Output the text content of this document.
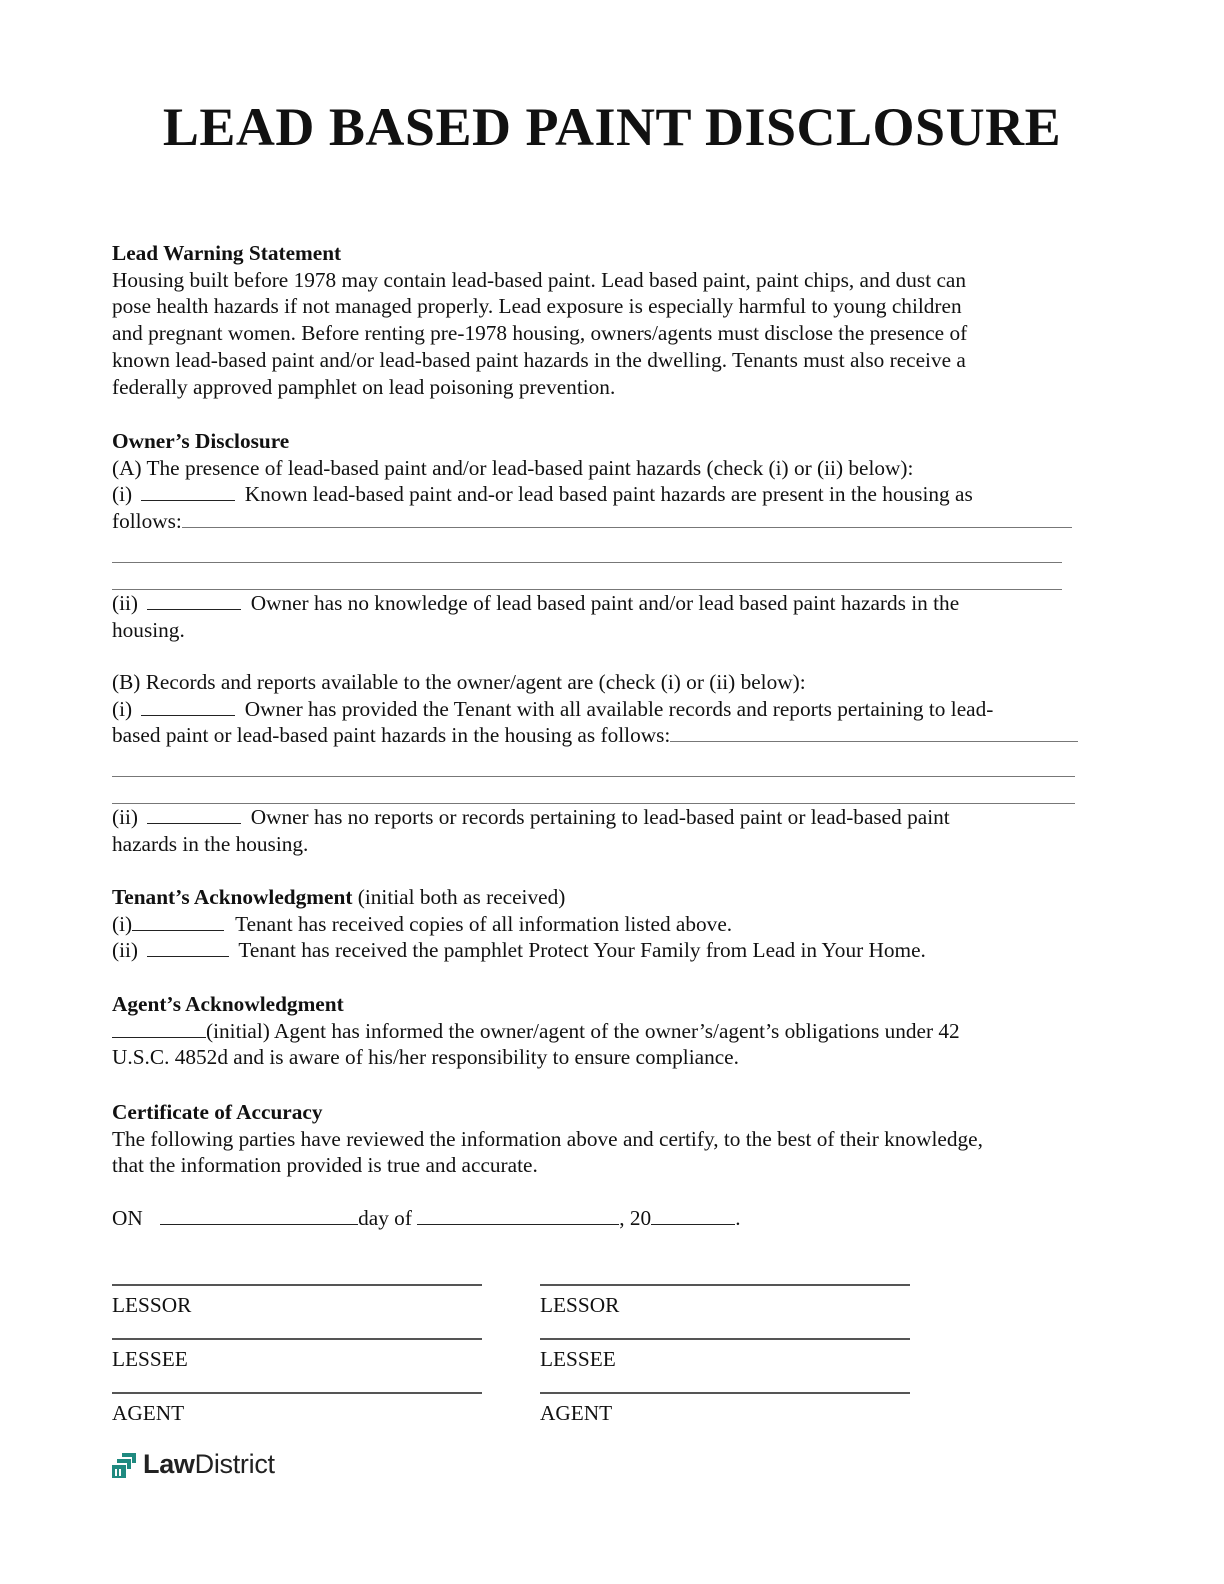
LEAD BASED PAINT DISCLOSURE
Lead Warning Statement
Housing built before 1978 may contain lead-based paint. Lead based paint, paint chips, and dust can
pose health hazards if not managed properly. Lead exposure is especially harmful to young children
and pregnant women. Before renting pre-1978 housing, owners/agents must disclose the presence of
known lead-based paint and/or lead-based paint hazards in the dwelling. Tenants must also receive a
federally approved pamphlet on lead poisoning prevention.
Owner’s Disclosure
(A) The presence of lead-based paint and/or lead-based paint hazards (check (i) or (ii) below):
(i)	Known lead-based paint and-or lead based paint hazards are present in the housing as
follows:
(ii)	Owner has no knowledge of lead based paint and/or lead based paint hazards in the
housing.
(B) Records and reports available to the owner/agent are (check (i) or (ii) below):
(i)	Owner has provided the Tenant with all available records and reports pertaining to lead-
based paint or lead-based paint hazards in the housing as follows:
(ii)	Owner has no reports or records pertaining to lead-based paint or lead-based paint
hazards in the housing.
Tenant’s Acknowledgment (initial both as received)
(i)	Tenant has received copies of all information listed above.
(ii)	Tenant has received the pamphlet Protect Your Family from Lead in Your Home.
Agent’s Acknowledgment
(initial) Agent has informed the owner/agent of the owner’s/agent’s obligations under 42
U.S.C. 4852d and is aware of his/her responsibility to ensure compliance.
Certificate of Accuracy
The following parties have reviewed the information above and certify, to the best of their knowledge,
that the information provided is true and accurate.
ON	day of	, 20	.
LESSOR
LESSEE
AGENT
LESSOR
LESSEE
AGENT
LawDistrict
